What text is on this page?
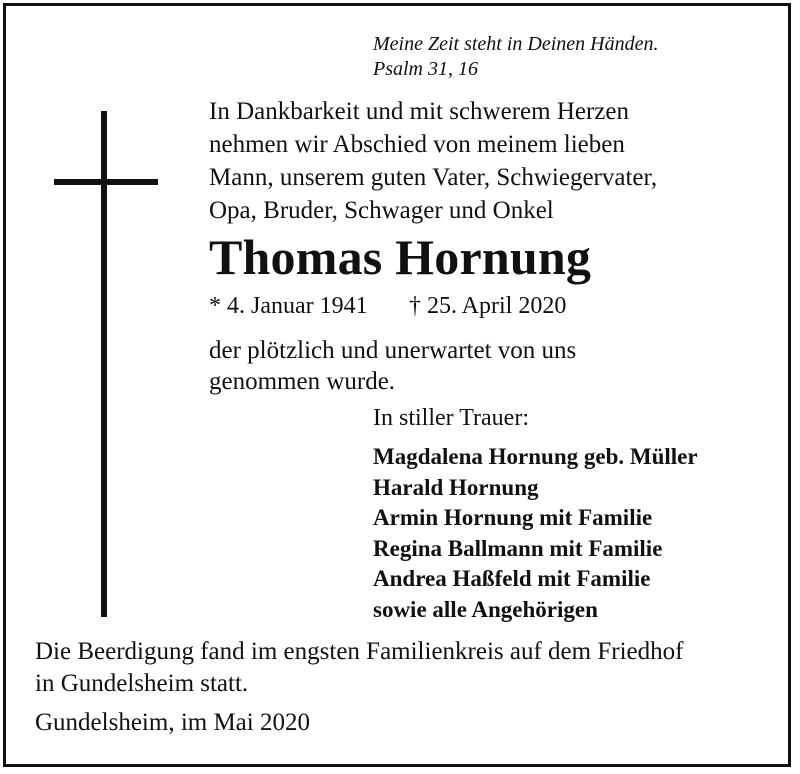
Meine Zeit steht in Deinen Händen.
Psalm 31, 16
In Dankbarkeit und mit schwerem Herzen
nehmen wir Abschied von meinem lieben
Mann, unserem guten Vater, Schwiegervater,
Opa, Bruder, Schwager und Onkel
Thomas Hornung
* 4. Januar 1941 † 25. April 2020
der plötzlich und unerwartet von uns
genommen wurde.
In stiller Trauer:
Magdalena Hornung geb. Müller
Harald Hornung
Armin Hornung mit Familie
Regina Ballmann mit Familie
Andrea Haßfeld mit Familie
sowie alle Angehörigen
Die Beerdigung fand im engsten Familienkreis auf dem Friedhof
in Gundelsheim statt.
Gundelsheim, im Mai 2020
